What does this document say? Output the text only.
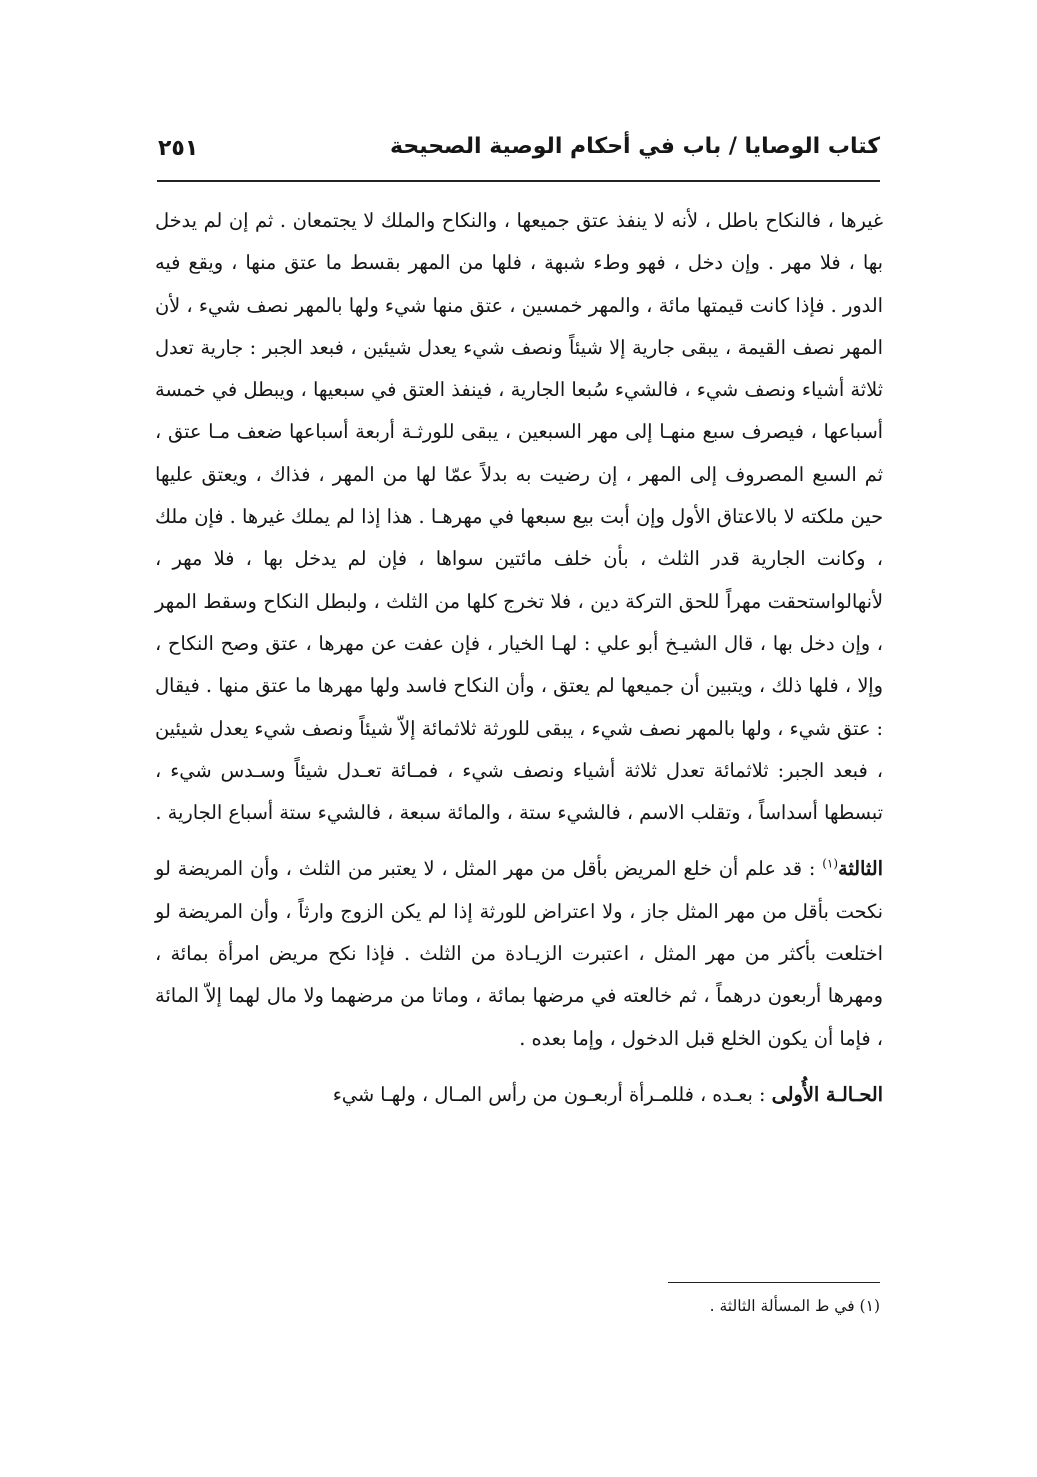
كتاب الوصايا / باب في أحكام الوصية الصحيحة
٢٥١

غيرها ، فالنكاح باطل ، لأنه لا ينفذ عتق جميعها ، والنكاح والملك لا يجتمعان . ثم إن لم يدخل بها ، فلا مهر . وإن دخل ، فهو وطء شبهة ، فلها من المهر بقسط ما عتق منها ، ويقع فيه الدور . فإذا كانت قيمتها مائة ، والمهر خمسين ، عتق منها شيء ولها بالمهر نصف شيء ، لأن المهر نصف القيمة ، يبقى جارية إلا شيئاً ونصف شيء يعدل شيئين ، فبعد الجبر : جارية تعدل ثلاثة أشياء ونصف شيء ، فالشيء سُبعا الجارية ، فينفذ العتق في سبعيها ، ويبطل في خمسة أسباعها ، فيصرف سبع منهـا إلى مهر السبعين ، يبقى للورثـة أربعة أسباعها ضعف مـا عتق ، ثم السبع المصروف إلى المهر ، إن رضيت به بدلاً عمّا لها من المهر ، فذاك ، ويعتق عليها حين ملكته لا بالاعتاق الأول وإن أبت بيع سبعها في مهرهـا . هذا إذا لم يملك غيرها . فإن ملك ، وكانت الجارية قدر الثلث ، بأن خلف مائتين سواها ، فإن لم يدخل بها ، فلا مهر ، لأنهالواستحقت مهراً للحق التركة دين ، فلا تخرج كلها من الثلث ، ولبطل النكاح وسقط المهر ، وإن دخل بها ، قال الشيـخ أبو علي : لهـا الخيار ، فإن عفت عن مهرها ، عتق وصح النكاح ، وإلا ، فلها ذلك ، ويتبين أن جميعها لم يعتق ، وأن النكاح فاسد ولها مهرها ما عتق منها . فيقال : عتق شيء ، ولها بالمهر نصف شيء ، يبقى للورثة ثلاثمائة إلاّ شيئاً ونصف شيء يعدل شيئين ، فبعد الجبر: ثلاثمائة تعدل ثلاثة أشياء ونصف شيء ، فمـائة تعـدل شيئاً وسـدس شيء ، تبسطها أسداساً ، وتقلب الاسم ، فالشيء ستة ، والمائة سبعة ، فالشيء ستة أسباع الجارية .

الثالثة$^{(١)}$ : قد علم أن خلع المريض بأقل من مهر المثل ، لا يعتبر من الثلث ، وأن المريضة لو نكحت بأقل من مهر المثل جاز ، ولا اعتراض للورثة إذا لم يكن الزوج وارثاً ، وأن المريضة لو اختلعت بأكثر من مهر المثل ، اعتبرت الزيـادة من الثلث . فإذا نكح مريض امرأة بمائة ، ومهرها أربعون درهماً ، ثم خالعته في مرضها بمائة ، وماتا من مرضهما ولا مال لهما إلاّ المائة ، فإما أن يكون الخلع قبل الدخول ، وإما بعده .

الحـالـة الأُولى : بعـده ، فللمـرأة أربعـون من رأس المـال ، ولهـا شيء

(١) في ط المسألة الثالثة .
